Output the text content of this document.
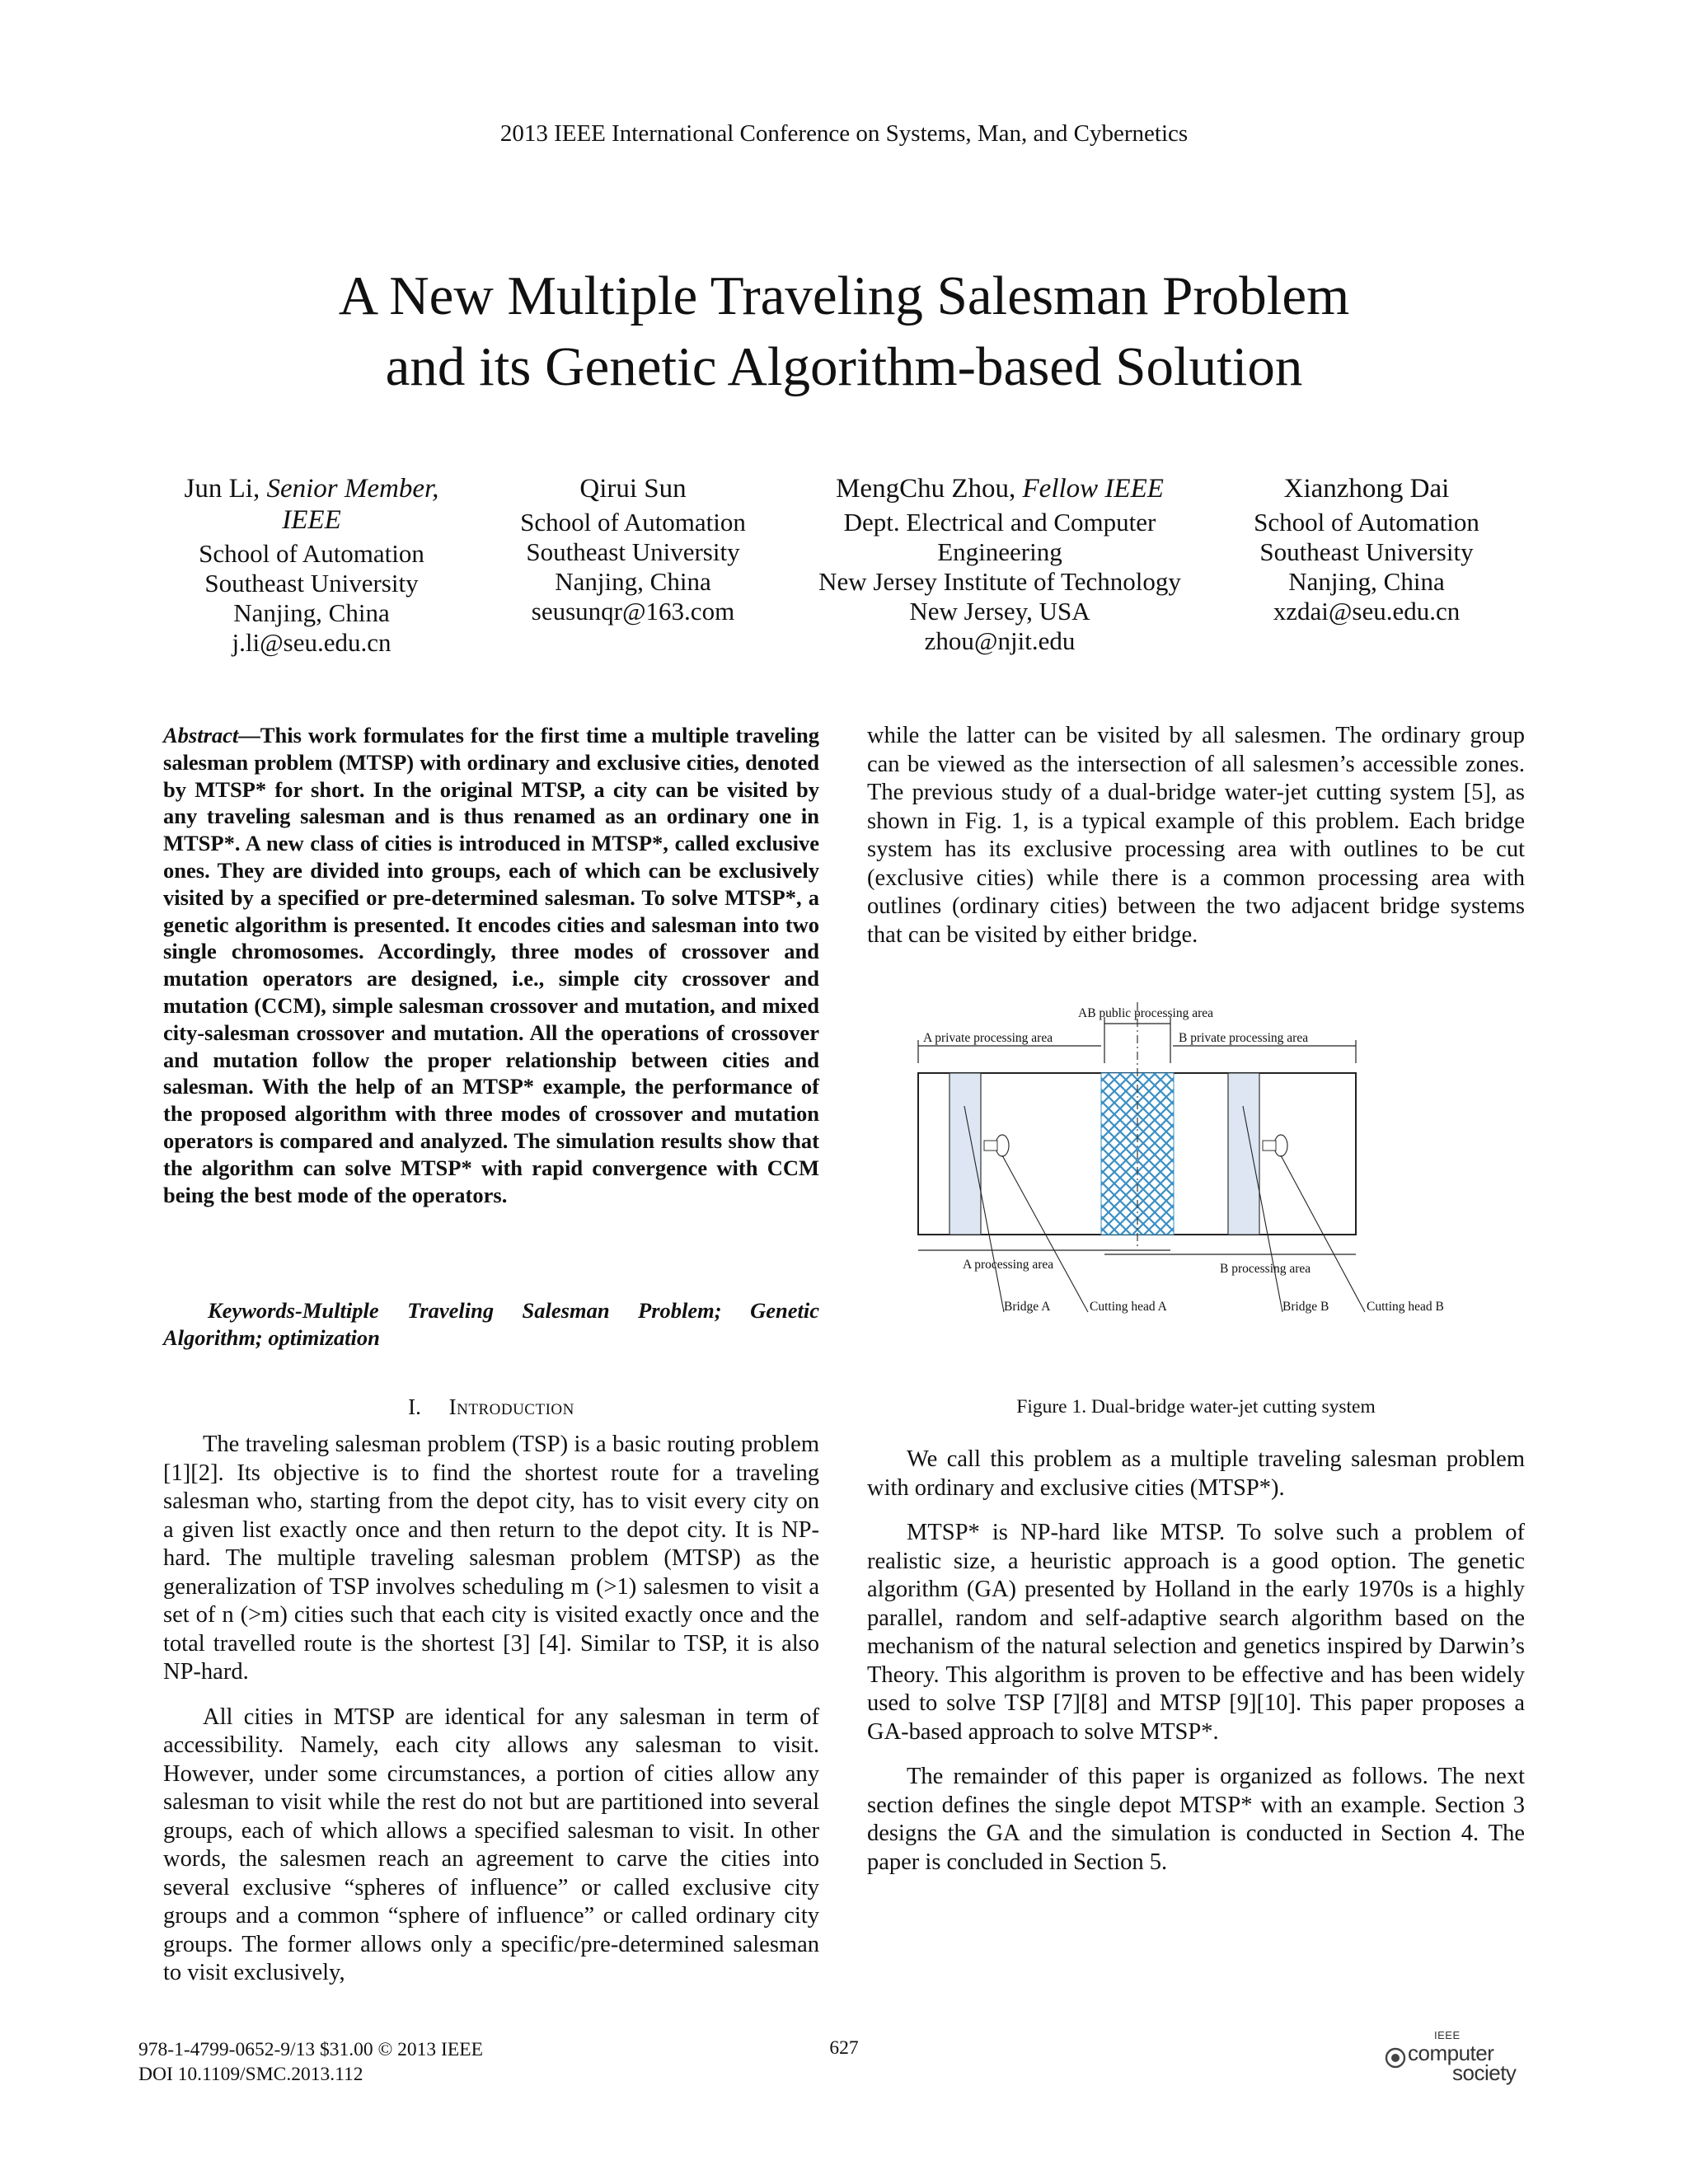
2013 IEEE International Conference on Systems, Man, and Cybernetics
A New Multiple Traveling Salesman Problem
and its Genetic Algorithm-based Solution
Jun Li, Senior Member, IEEE
School of Automation
Southeast University
Nanjing, China
j.li@seu.edu.cn
Qirui Sun
School of Automation
Southeast University
Nanjing, China
seusunqr@163.com
MengChu Zhou, Fellow IEEE
Dept. Electrical and Computer
Engineering
New Jersey Institute of Technology
New Jersey, USA
zhou@njit.edu
Xianzhong Dai
School of Automation
Southeast University
Nanjing, China
xzdai@seu.edu.cn
Abstract—This work formulates for the first time a multiple traveling salesman problem (MTSP) with ordinary and exclusive cities, denoted by MTSP* for short. In the original MTSP, a city can be visited by any traveling salesman and is thus renamed as an ordinary one in MTSP*. A new class of cities is introduced in MTSP*, called exclusive ones. They are divided into groups, each of which can be exclusively visited by a specified or pre-determined salesman. To solve MTSP*, a genetic algorithm is presented. It encodes cities and salesman into two single chromosomes. Accordingly, three modes of crossover and mutation operators are designed, i.e., simple city crossover and mutation (CCM), simple salesman crossover and mutation, and mixed city-salesman crossover and mutation. All the operations of crossover and mutation follow the proper relationship between cities and salesman. With the help of an MTSP* example, the performance of the proposed algorithm with three modes of crossover and mutation operators is compared and analyzed. The simulation results show that the algorithm can solve MTSP* with rapid convergence with CCM being the best mode of the operators.
Keywords-Multiple Traveling Salesman Problem; Genetic Algorithm; optimization
I. Introduction

The traveling salesman problem (TSP) is a basic routing problem [1][2]. Its objective is to find the shortest route for a traveling salesman who, starting from the depot city, has to visit every city on a given list exactly once and then return to the depot city. It is NP-hard. The multiple traveling salesman problem (MTSP) as the generalization of TSP involves scheduling m (>1) salesmen to visit a set of n (>m) cities such that each city is visited exactly once and the total travelled route is the shortest [3] [4]. Similar to TSP, it is also NP-hard.

All cities in MTSP are identical for any salesman in term of accessibility. Namely, each city allows any salesman to visit. However, under some circumstances, a portion of cities allow any salesman to visit while the rest do not but are partitioned into several groups, each of which allows a specified salesman to visit. In other words, the salesmen reach an agreement to carve the cities into several exclusive “spheres of influence” or called exclusive city groups and a common “sphere of influence” or called ordinary city groups. The former allows only a specific/pre-determined salesman to visit exclusively,

while the latter can be visited by all salesmen. The ordinary group can be viewed as the intersection of all salesmen’s accessible zones. The previous study of a dual-bridge water-jet cutting system [5], as shown in Fig. 1, is a typical example of this problem. Each bridge system has its exclusive processing area with outlines to be cut (exclusive cities) while there is a common processing area with outlines (ordinary cities) between the two adjacent bridge systems that can be visited by either bridge.

A private processing area	B private processing area
AB public processing area
A processing area	B processing area
Bridge A	Cutting head A	Bridge B	Cutting head B
Figure 1. Dual-bridge water-jet cutting system

We call this problem as a multiple traveling salesman problem with ordinary and exclusive cities (MTSP*).

MTSP* is NP-hard like MTSP. To solve such a problem of realistic size, a heuristic approach is a good option. The genetic algorithm (GA) presented by Holland in the early 1970s is a highly parallel, random and self-adaptive search algorithm based on the mechanism of the natural selection and genetics inspired by Darwin’s Theory. This algorithm is proven to be effective and has been widely used to solve TSP [7][8] and MTSP [9][10]. This paper proposes a GA-based approach to solve MTSP*.

The remainder of this paper is organized as follows. The next section defines the single depot MTSP* with an example. Section 3 designs the GA and the simulation is conducted in Section 4. The paper is concluded in Section 5.

978-1-4799-0652-9/13 $31.00 © 2013 IEEE
DOI 10.1109/SMC.2013.112
627
IEEE
computer
society
